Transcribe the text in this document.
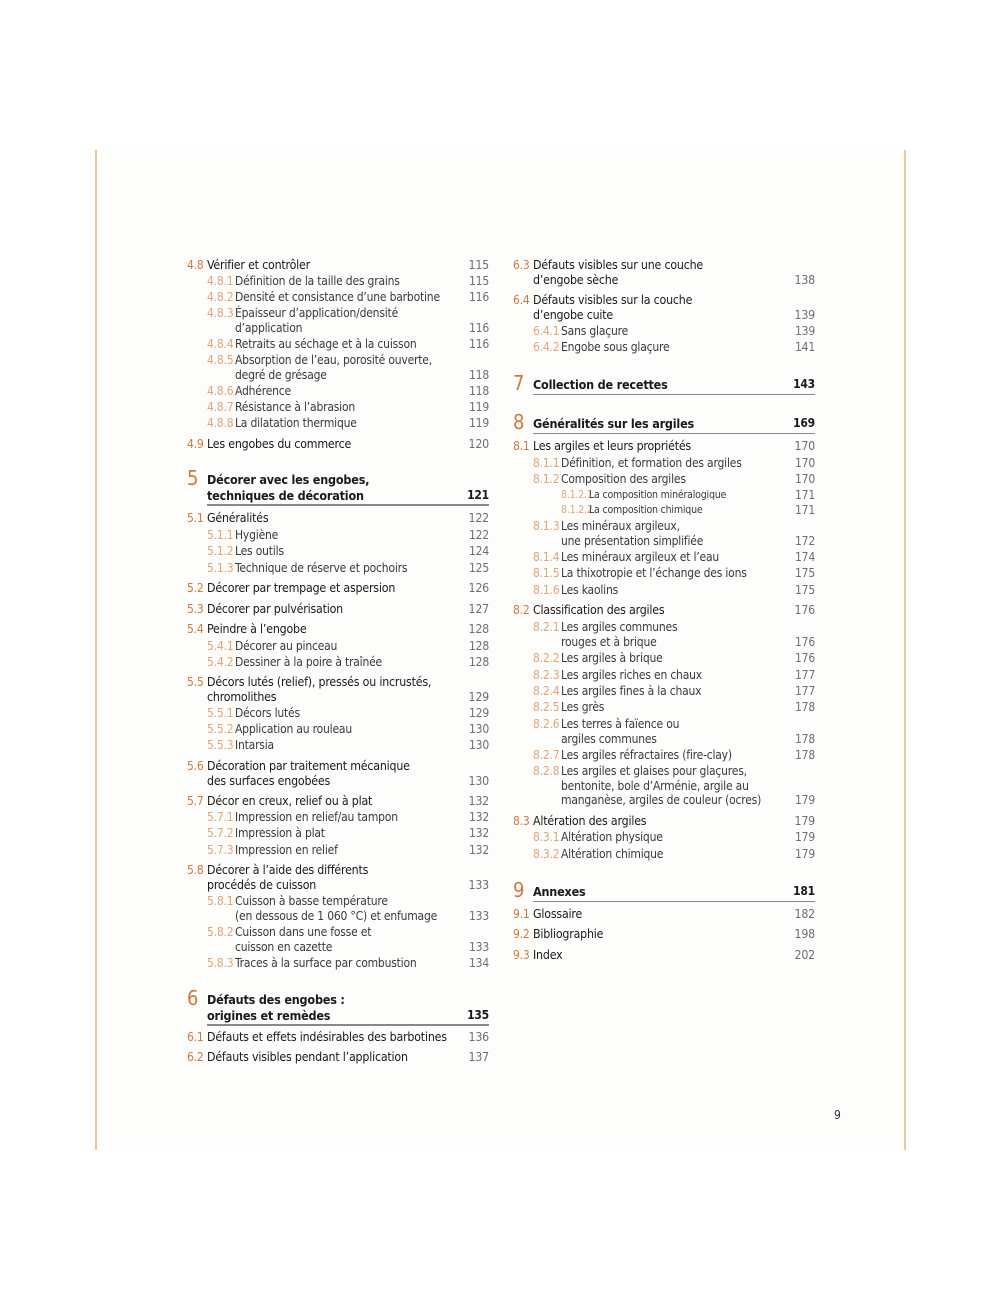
4.8 Vérifier et contrôler	115
4.8.1 Définition de la taille des grains	115
4.8.2 Densité et consistance d’une barbotine 116
4.8.3 Épaisseur d’application/densité
d’application	116
4.8.4 Retraits au séchage et à la cuisson	116
4.8.5 Absorption de l’eau, porosité ouverte,
degré de grésage	118
4.8.6 Adhérence	118
4.8.7 Résistance à l’abrasion	119
4.8.8 La dilatation thermique	119
4.9 Les engobes du commerce	120
5 Décorer avec les engobes,
techniques de décoration	121
5.1 Généralités	122
5.1.1 Hygiène	122
5.1.2 Les outils	124
5.1.3 Technique de réserve et pochoirs	125
5.2 Décorer par trempage et aspersion	126
5.3 Décorer par pulvérisation	127
5.4 Peindre à l’engobe	128
5.4.1 Décorer au pinceau	128
5.4.2 Dessiner à la poire à traînée	128
5.5 Décors lutés (relief), pressés ou incrustés,
chromolithes	129
5.5.1 Décors lutés	129
5.5.2 Application au rouleau	130
5.5.3 Intarsia	130
5.6 Décoration par traitement mécanique
des surfaces engobées	130
5.7 Décor en creux, relief ou à plat	132
5.7.1 Impression en relief/au tampon	132
5.7.2 Impression à plat	132
5.7.3 Impression en relief	132
5.8 Décorer à l’aide des différents
procédés de cuisson	133
5.8.1 Cuisson à basse température
(en dessous de 1 060 °C) et enfumage	133
5.8.2 Cuisson dans une fosse et
cuisson en cazette	133
5.8.3 Traces à la surface par combustion	134
6 Défauts des engobes :
origines et remèdes	135
6.1 Défauts et effets indésirables des barbotines 136
6.2 Défauts visibles pendant l’application	137
6.3 Défauts visibles sur une couche
d’engobe sèche	138
6.4 Défauts visibles sur la couche
d’engobe cuite	139
6.4.1 Sans glaçure	139
6.4.2 Engobe sous glaçure	141
7 Collection de recettes	143
8 Généralités sur les argiles	169
8.1 Les argiles et leurs propriétés	170
8.1.1 Définition, et formation des argiles	170
8.1.2 Composition des argiles	170
8.1.2.1
La composition minéralogique	171
8.1.2.2
La composition chimique	171
8.1.3 Les minéraux argileux,
une présentation simplifiée	172
8.1.4 Les minéraux argileux et l’eau	174
8.1.5 La thixotropie et l’échange des ions	175
8.1.6 Les kaolins	175
8.2 Classification des argiles	176
8.2.1 Les argiles communes
rouges et à brique	176
8.2.2 Les argiles à brique	176
8.2.3 Les argiles riches en chaux	177
8.2.4 Les argiles fines à la chaux	177
8.2.5 Les grès	178
8.2.6 Les terres à faïence ou
argiles communes	178
8.2.7 Les argiles réfractaires (fire-clay)	178
8.2.8 Les argiles et glaises pour glaçures,
bentonite, bole d’Arménie, argile au
manganèse, argiles de couleur (ocres)	179
8.3 Altération des argiles	179
8.3.1 Altération physique	179
8.3.2 Altération chimique	179
9 Annexes	181
9.1 Glossaire	182
9.2 Bibliographie	198
9.3 Index	202
9
